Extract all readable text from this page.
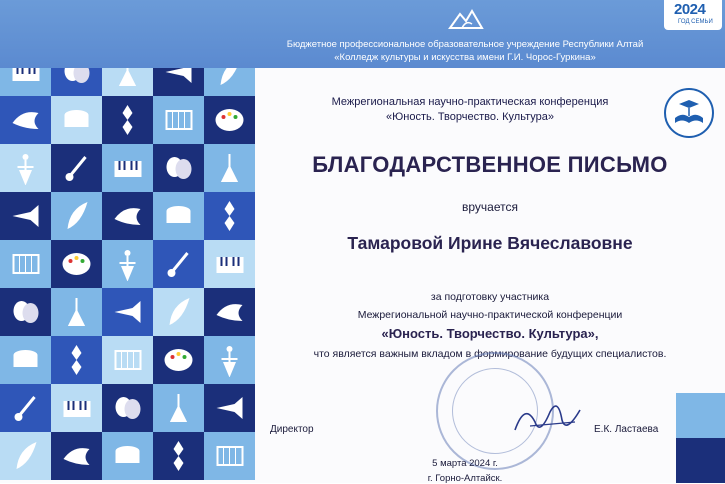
Бюджетное профессиональное образовательное учреждение Республики Алтай
«Колледж культуры и искусства имени Г.И. Чорос-Гуркина»
2024
ГОД СЕМЬИ
Межрегиональная научно-практическая конференция
«Юность. Творчество. Культура»
БЛАГОДАРСТВЕННОЕ ПИСЬМО
вручается
Тамаровой Ирине Вячеславовне
за подготовку участника
Межрегиональной научно-практической конференции
«Юность. Творчество. Культура»,
что является важным вкладом в формирование будущих специалистов.
Директор	Е.К. Ластаева
5 марта 2024 г.
г. Горно-Алтайск.
